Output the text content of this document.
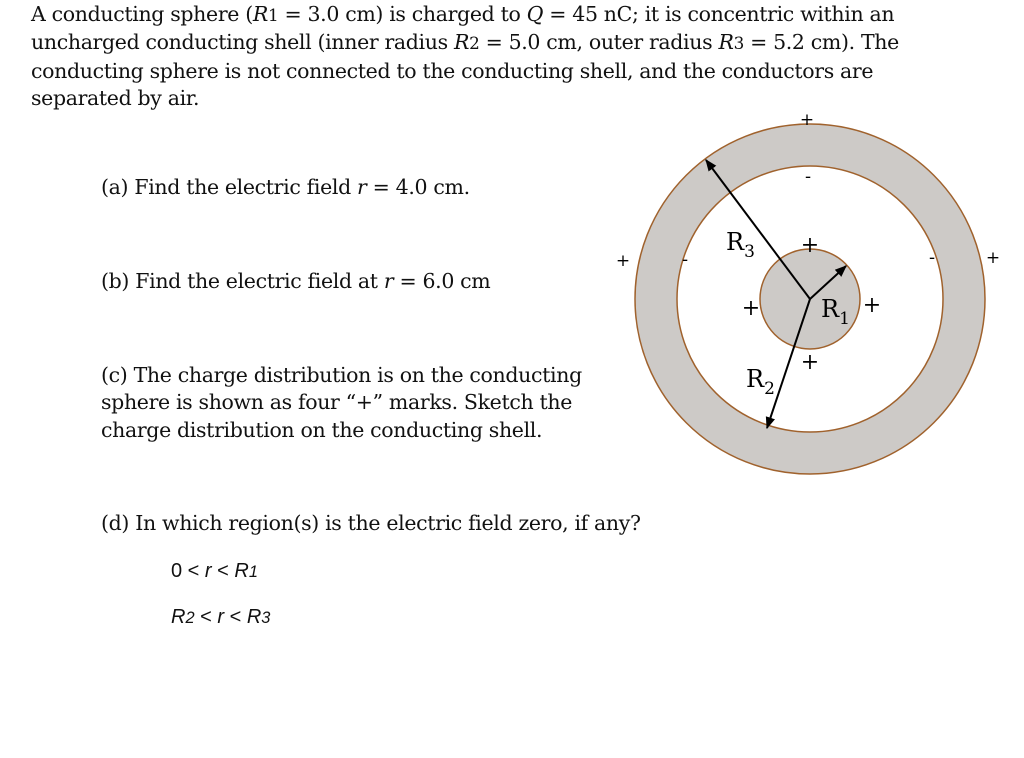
A conducting sphere (R1 = 3.0 cm) is charged to Q = 45 nC; it is concentric within an uncharged conducting shell (inner radius R2 = 5.0 cm, outer radius R3 = 5.2 cm). The conducting sphere is not connected to the conducting shell, and the conductors are separated by air.

(a) Find the electric field r = 4.0 cm.

(b) Find the electric field at r = 6.0 cm

(c) The charge distribution is on the conducting sphere is shown as four “+” marks. Sketch the charge distribution on the conducting shell.

(d) In which region(s) is the electric field zero, if any?

0 < r < R1
R2 < r < R3
$R_3$
$R_1$
$R_2$
+
+	+
+
-
-	-
+
+	+
